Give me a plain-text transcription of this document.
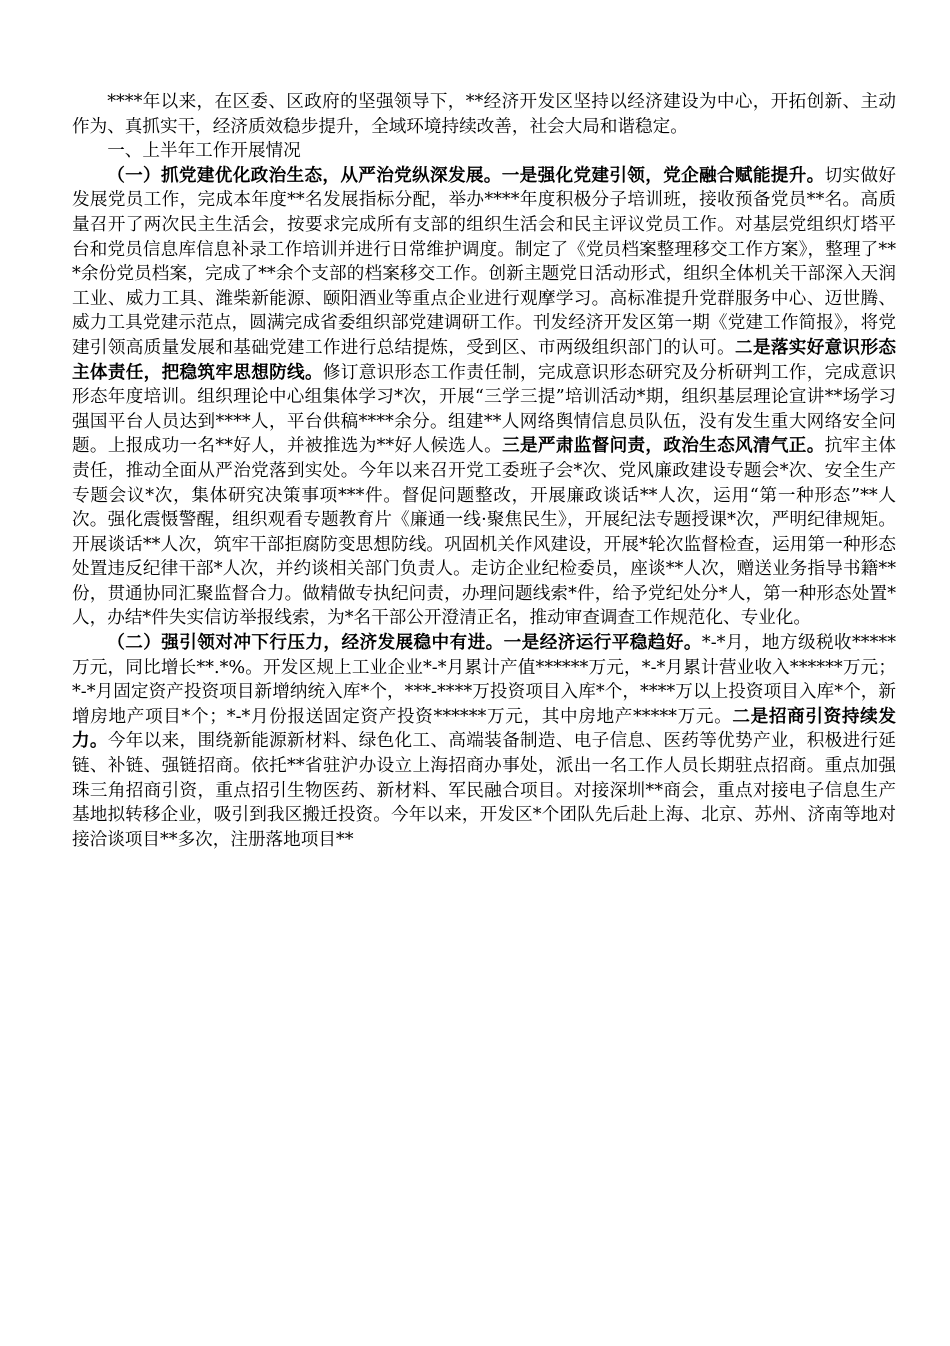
****年以来，在区委、区政府的坚强领导下，**经济开发区坚持以经济建设为中心，开拓创新、主动作为、真抓实干，经济质效稳步提升，全域环境持续改善，社会大局和谐稳定。

一、上半年工作开展情况

（一）抓党建优化政治生态，从严治党纵深发展。一是强化党建引领，党企融合赋能提升。切实做好发展党员工作，完成本年度**名发展指标分配，举办****年度积极分子培训班，接收预备党员**名。高质量召开了两次民主生活会，按要求完成所有支部的组织生活会和民主评议党员工作。对基层党组织灯塔平台和党员信息库信息补录工作培训并进行日常维护调度。制定了《党员档案整理移交工作方案》，整理了***余份党员档案，完成了**余个支部的档案移交工作。创新主题党日活动形式，组织全体机关干部深入天润工业、威力工具、潍柴新能源、颐阳酒业等重点企业进行观摩学习。高标准提升党群服务中心、迈世腾、威力工具党建示范点，圆满完成省委组织部党建调研工作。刊发经济开发区第一期《党建工作简报》，将党建引领高质量发展和基础党建工作进行总结提炼，受到区、市两级组织部门的认可。二是落实好意识形态主体责任，把稳筑牢思想防线。修订意识形态工作责任制，完成意识形态研究及分析研判工作，完成意识形态年度培训。组织理论中心组集体学习*次，开展“三学三提”培训活动*期，组织基层理论宣讲**场学习强国平台人员达到****人，平台供稿****余分。组建**人网络舆情信息员队伍，没有发生重大网络安全问题。上报成功一名**好人，并被推选为**好人候选人。三是严肃监督问责，政治生态风清气正。抗牢主体责任，推动全面从严治党落到实处。今年以来召开党工委班子会*次、党风廉政建设专题会*次、安全生产专题会议*次，集体研究决策事项***件。督促问题整改，开展廉政谈话**人次，运用“第一种形态”**人次。强化震慑警醒，组织观看专题教育片《廉通一线·聚焦民生》，开展纪法专题授课*次，严明纪律规矩。开展谈话**人次，筑牢干部拒腐防变思想防线。巩固机关作风建设，开展*轮次监督检查，运用第一种形态处置违反纪律干部*人次，并约谈相关部门负责人。走访企业纪检委员，座谈**人次，赠送业务指导书籍**份，贯通协同汇聚监督合力。做精做专执纪问责，办理问题线索*件，给予党纪处分*人，第一种形态处置*人，办结*件失实信访举报线索，为*名干部公开澄清正名，推动审查调查工作规范化、专业化。

（二）强引领对冲下行压力，经济发展稳中有进。一是经济运行平稳趋好。*-*月，地方级税收*****万元，同比增长**.*%。开发区规上工业企业*-*月累计产值******万元，*-*月累计营业收入******万元；*-*月固定资产投资项目新增纳统入库*个，***-****万投资项目入库*个，****万以上投资项目入库*个，新增房地产项目*个；*-*月份报送固定资产投资******万元，其中房地产*****万元。二是招商引资持续发力。今年以来，围绕新能源新材料、绿色化工、高端装备制造、电子信息、医药等优势产业，积极进行延链、补链、强链招商。依托**省驻沪办设立上海招商办事处，派出一名工作人员长期驻点招商。重点加强珠三角招商引资，重点招引生物医药、新材料、军民融合项目。对接深圳**商会，重点对接电子信息生产基地拟转移企业，吸引到我区搬迁投资。今年以来，开发区*个团队先后赴上海、北京、苏州、济南等地对接洽谈项目**多次，注册落地项目**
